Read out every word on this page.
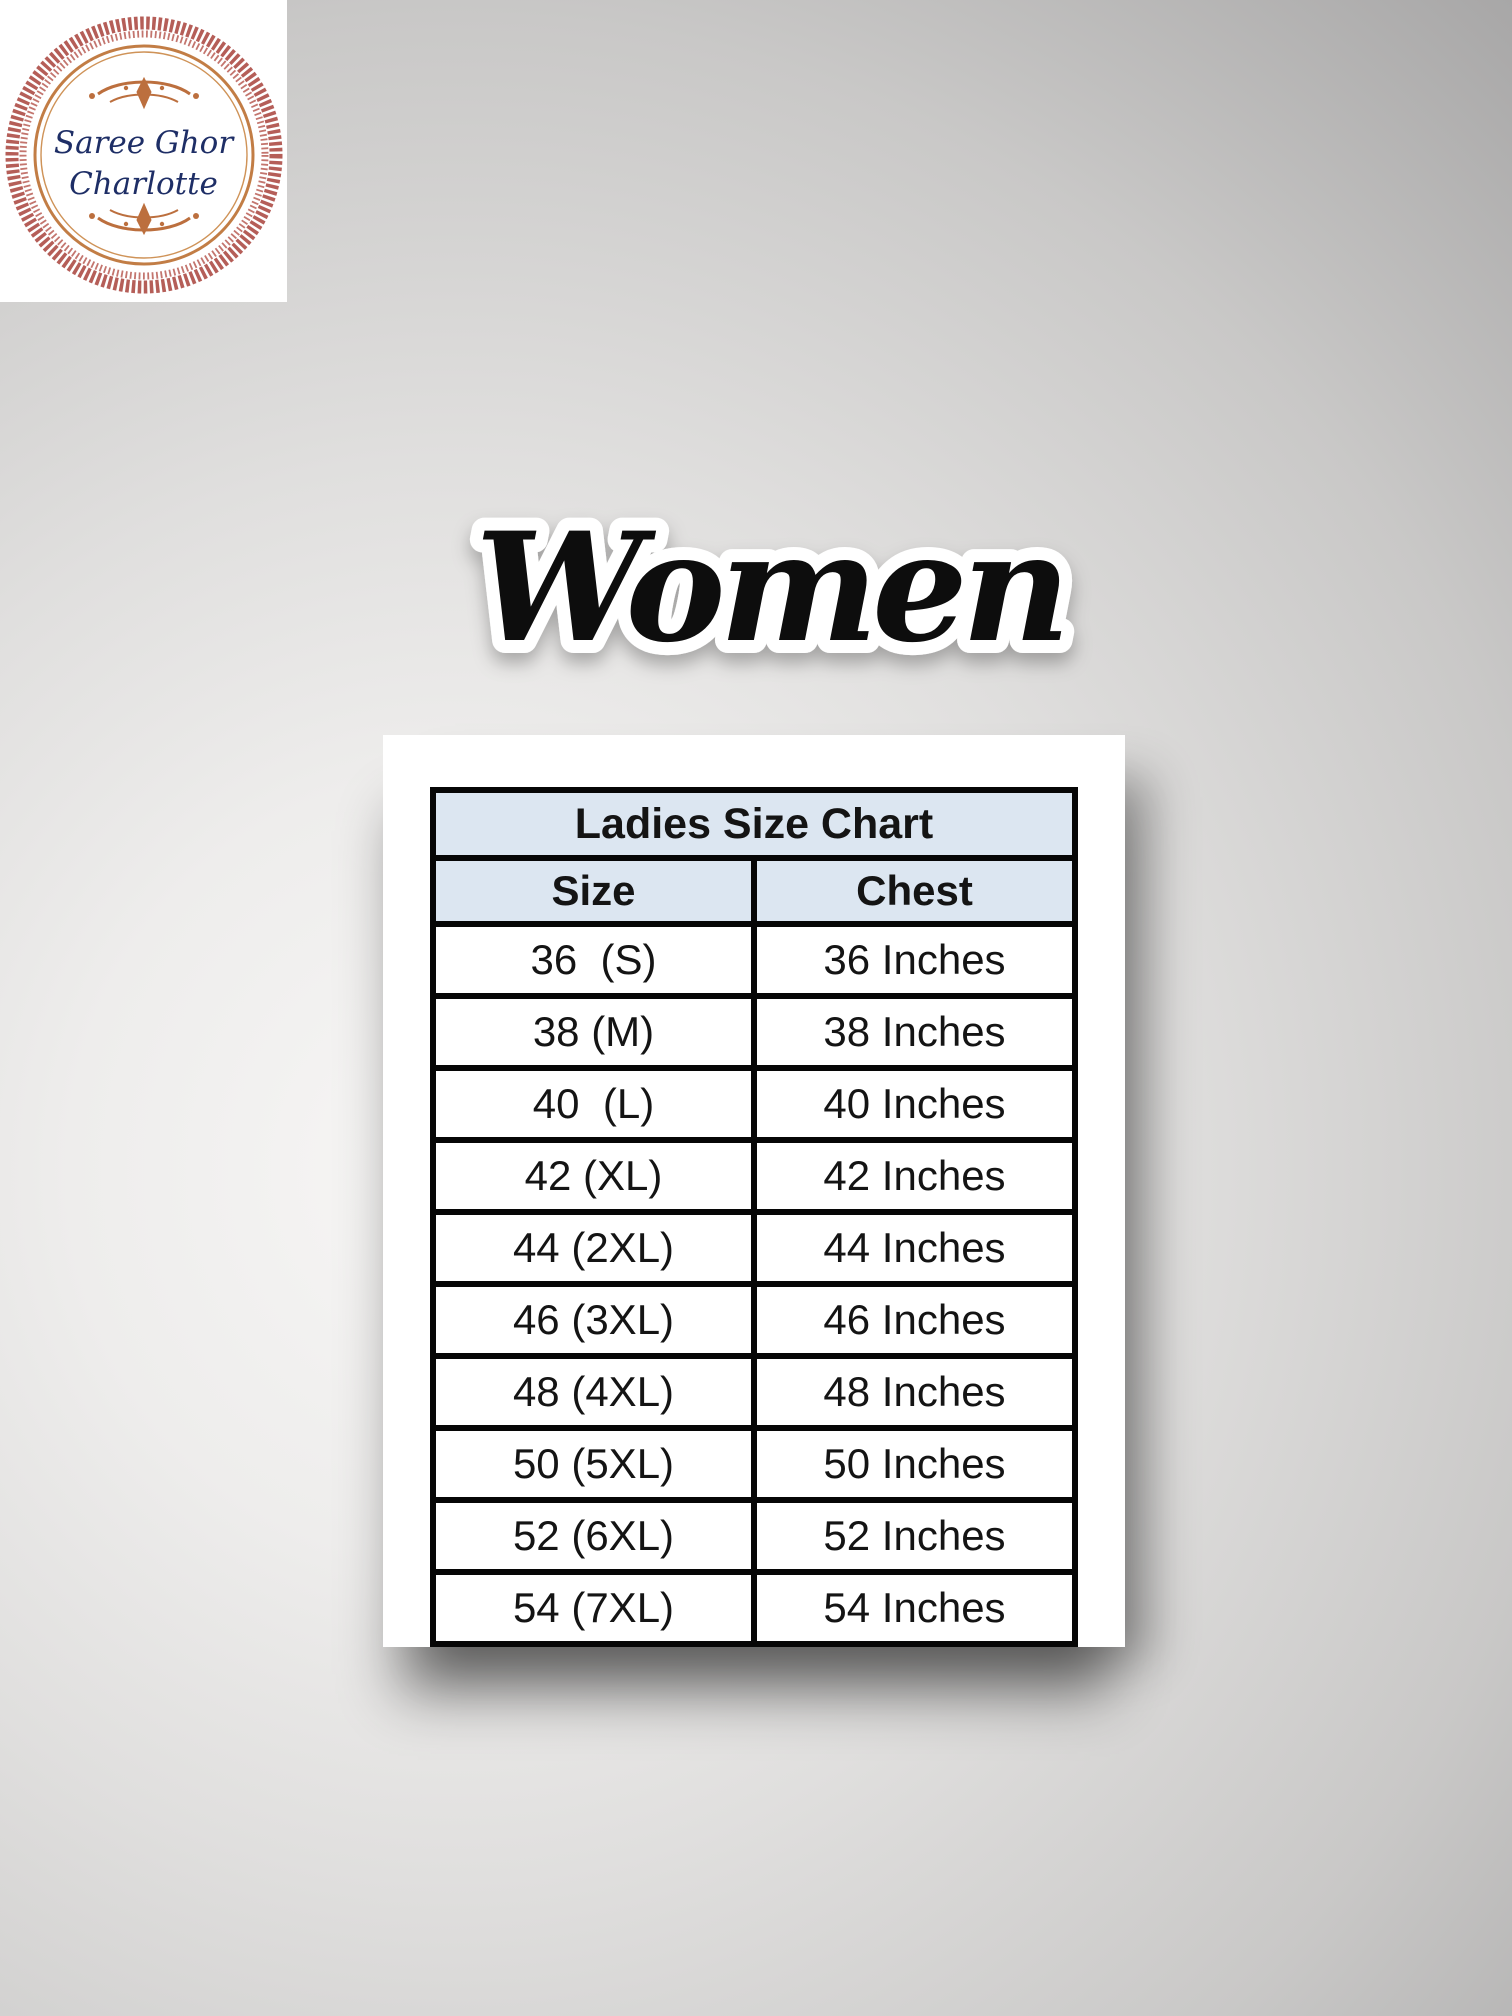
Saree Ghor
Charlotte
Women
Ladies Size Chart	
Size	Chest
36  (S)	36 Inches
38 (M)	38 Inches
40  (L)	40 Inches
42 (XL)	42 Inches
44 (2XL)	44 Inches
46 (3XL)	46 Inches
48 (4XL)	48 Inches
50 (5XL)	50 Inches
52 (6XL)	52 Inches
54 (7XL)	54 Inches
